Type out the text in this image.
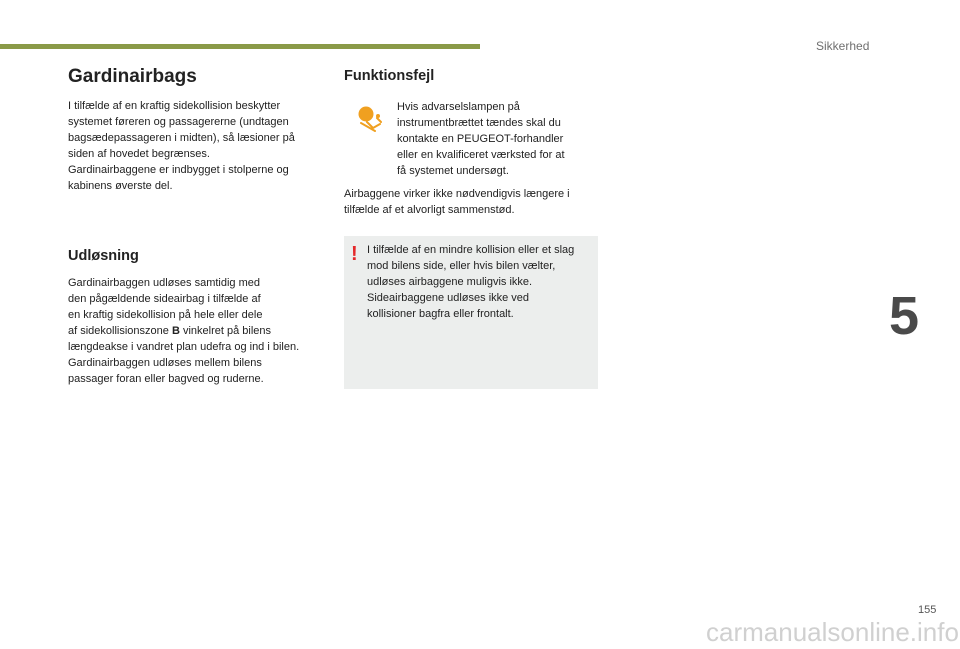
Sikkerhed
5
155
Gardinairbags

I tilfælde af en kraftig sidekollision beskytter
systemet føreren og passagererne (undtagen
bagsædepassageren i midten), så læsioner på
siden af hovedet begrænses.
Gardinairbaggene er indbygget i stolperne og
kabinens øverste del.

Udløsning

Gardinairbaggen udløses samtidig med
den pågældende sideairbag i tilfælde af
en kraftig sidekollision på hele eller dele
af sidekollisionszone B vinkelret på bilens
længdeakse i vandret plan udefra og ind i bilen.
Gardinairbaggen udløses mellem bilens
passager foran eller bagved og ruderne.

Funktionsfejl

Hvis advarselslampen på
instrumentbrættet tændes skal du
kontakte en PEUGEOT-forhandler
eller en kvalificeret værksted for at
få systemet undersøgt.

Airbaggene virker ikke nødvendigvis længere i
tilfælde af et alvorligt sammenstød.

! I tilfælde af en mindre kollision eller et slag
mod bilens side, eller hvis bilen vælter,
udløses airbaggene muligvis ikke.
Sideairbaggene udløses ikke ved
kollisioner bagfra eller frontalt.

carmanualsonline.info
